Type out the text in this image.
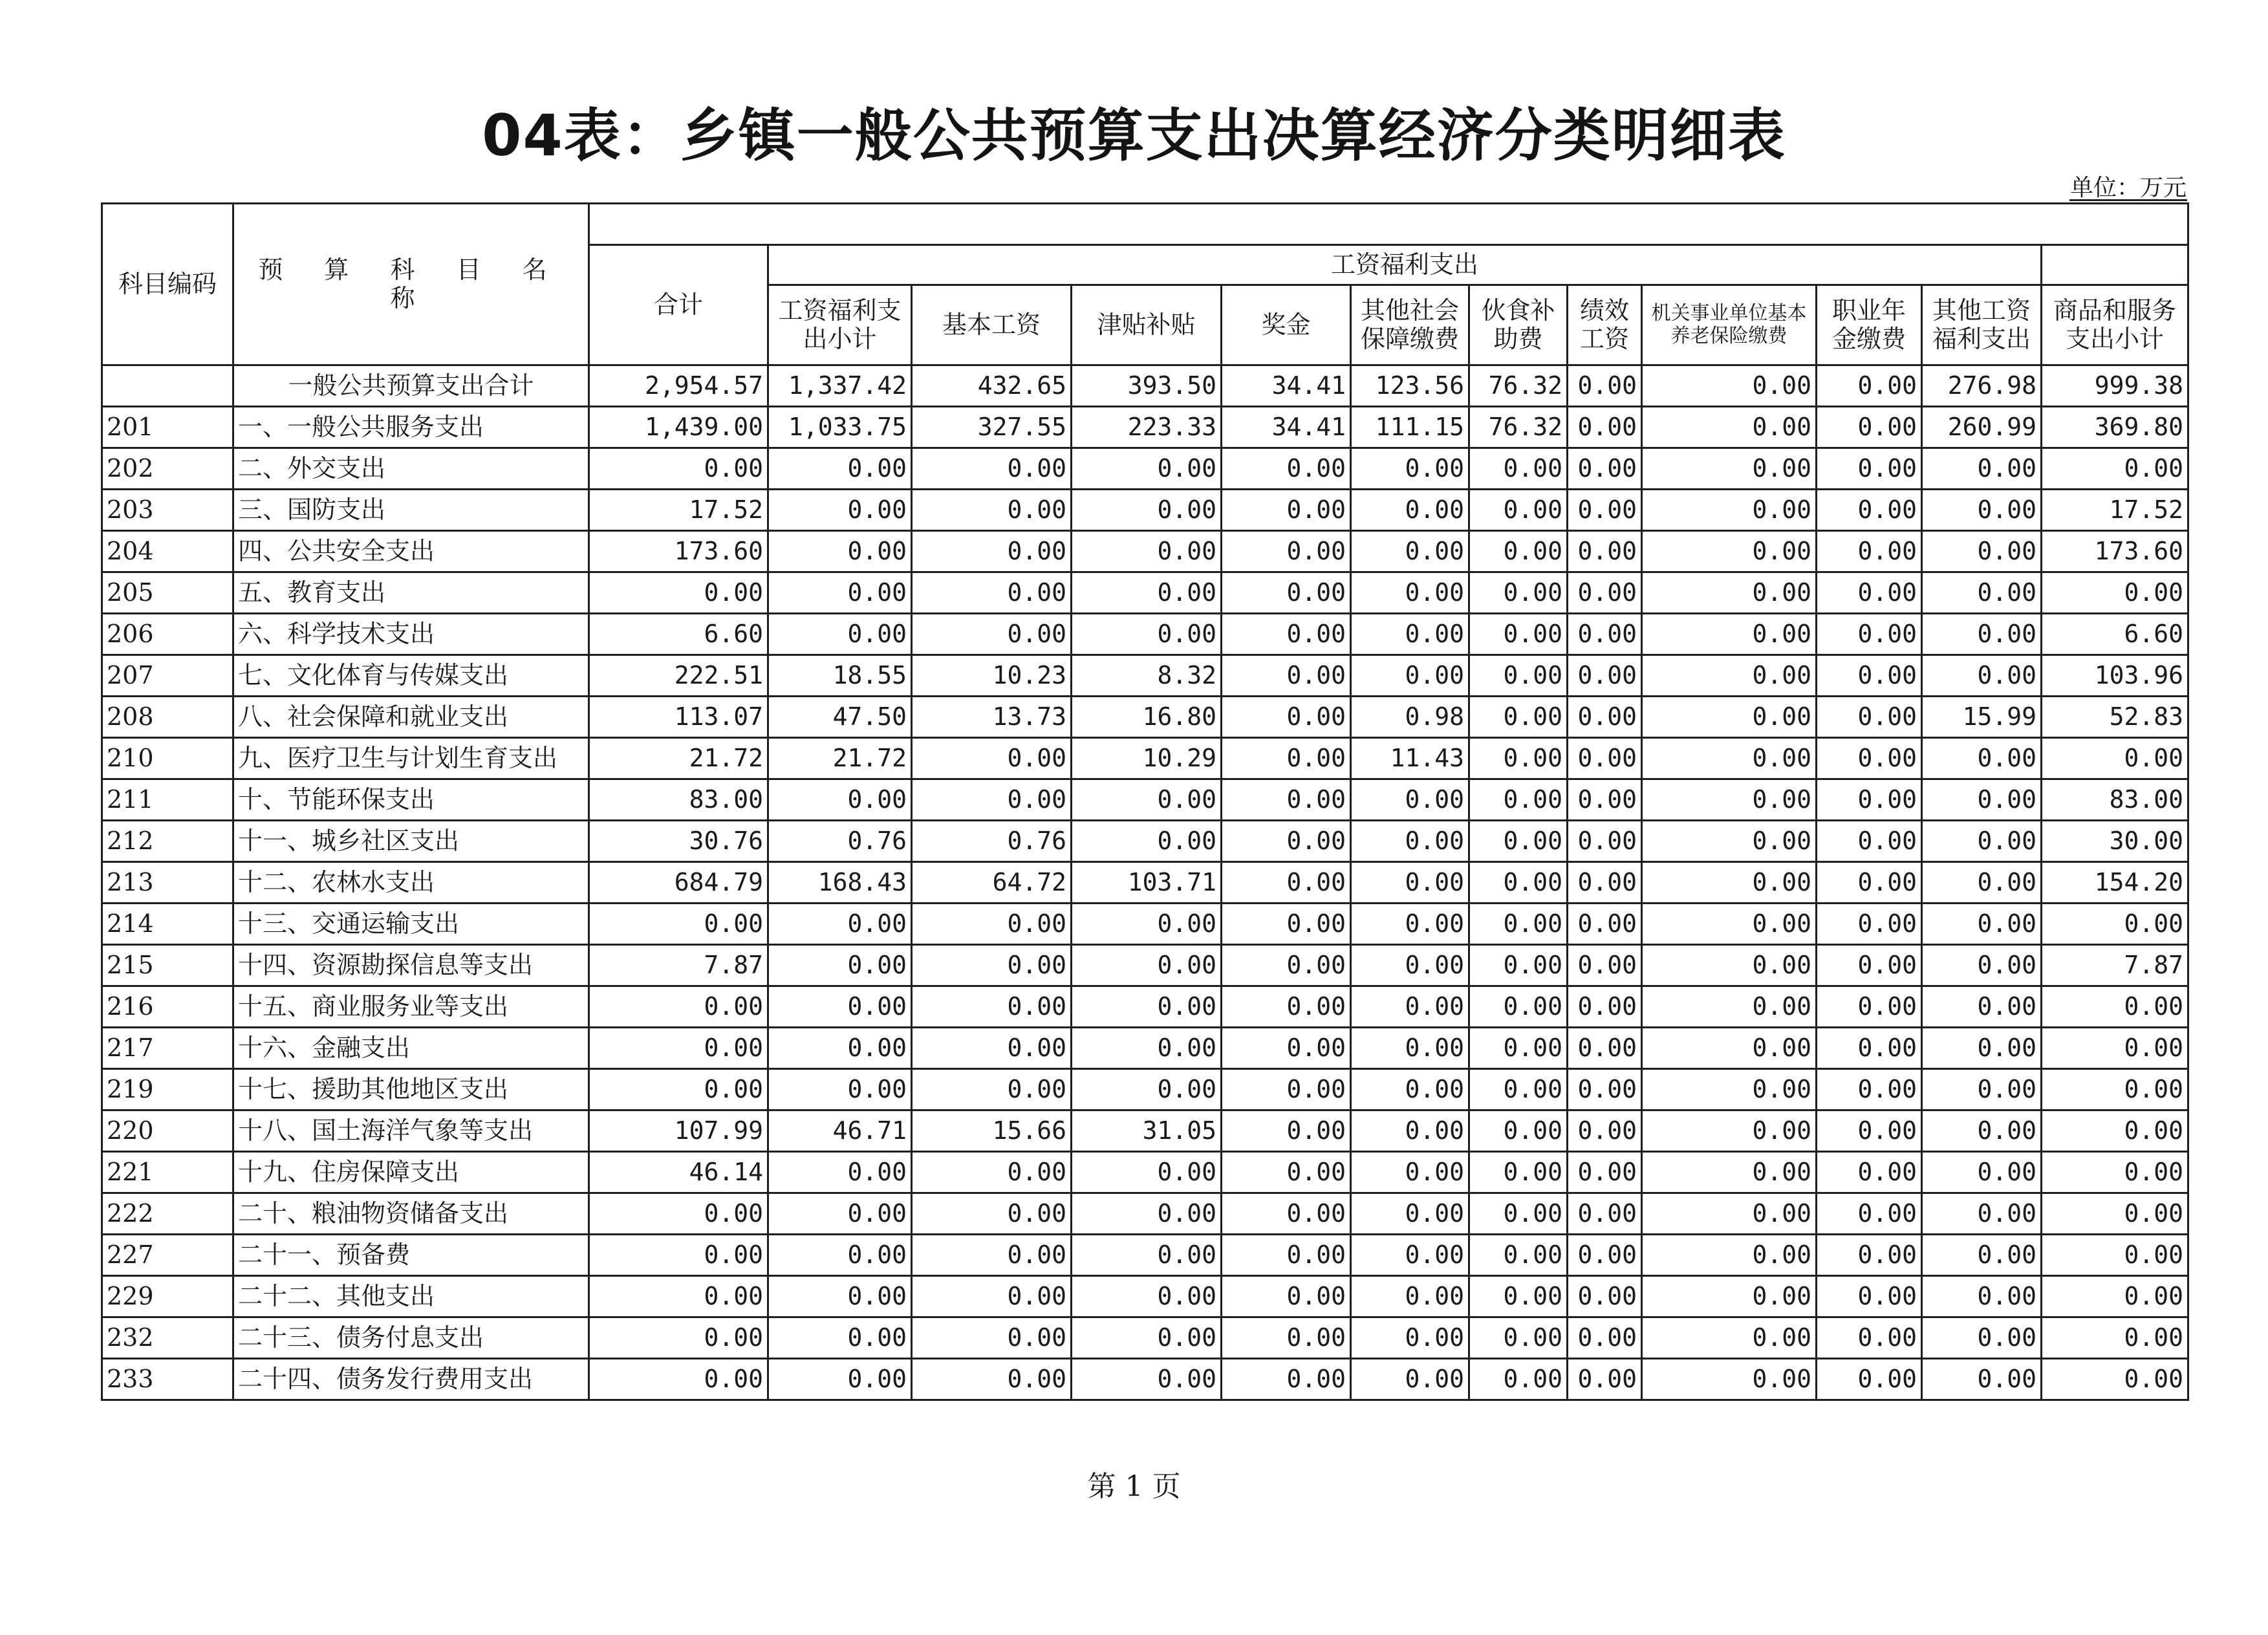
04表：乡镇一般公共预算支出决算经济分类明细表
单位：万元
科目编码	预 算 科 目 名 称												
		合计	工资福利支出										
			工资福利支出小计	基本工资	津贴补贴	奖金	其他社会保障缴费	伙食补助费	绩效工资	机关事业单位基本养老保险缴费	职业年金缴费	其他工资福利支出	商品和服务支出小计
	一般公共预算支出合计	2,954.57	1,337.42	432.65	393.50	34.41	123.56	76.32	0.00	0.00	0.00	276.98	999.38
201	一、一般公共服务支出	1,439.00	1,033.75	327.55	223.33	34.41	111.15	76.32	0.00	0.00	0.00	260.99	369.80
202	二、外交支出	0.00	0.00	0.00	0.00	0.00	0.00	0.00	0.00	0.00	0.00	0.00	0.00
203	三、国防支出	17.52	0.00	0.00	0.00	0.00	0.00	0.00	0.00	0.00	0.00	0.00	17.52
204	四、公共安全支出	173.60	0.00	0.00	0.00	0.00	0.00	0.00	0.00	0.00	0.00	0.00	173.60
205	五、教育支出	0.00	0.00	0.00	0.00	0.00	0.00	0.00	0.00	0.00	0.00	0.00	0.00
206	六、科学技术支出	6.60	0.00	0.00	0.00	0.00	0.00	0.00	0.00	0.00	0.00	0.00	6.60
207	七、文化体育与传媒支出	222.51	18.55	10.23	8.32	0.00	0.00	0.00	0.00	0.00	0.00	0.00	103.96
208	八、社会保障和就业支出	113.07	47.50	13.73	16.80	0.00	0.98	0.00	0.00	0.00	0.00	15.99	52.83
210	九、医疗卫生与计划生育支出	21.72	21.72	0.00	10.29	0.00	11.43	0.00	0.00	0.00	0.00	0.00	0.00
211	十、节能环保支出	83.00	0.00	0.00	0.00	0.00	0.00	0.00	0.00	0.00	0.00	0.00	83.00
212	十一、城乡社区支出	30.76	0.76	0.76	0.00	0.00	0.00	0.00	0.00	0.00	0.00	0.00	30.00
213	十二、农林水支出	684.79	168.43	64.72	103.71	0.00	0.00	0.00	0.00	0.00	0.00	0.00	154.20
214	十三、交通运输支出	0.00	0.00	0.00	0.00	0.00	0.00	0.00	0.00	0.00	0.00	0.00	0.00
215	十四、资源勘探信息等支出	7.87	0.00	0.00	0.00	0.00	0.00	0.00	0.00	0.00	0.00	0.00	7.87
216	十五、商业服务业等支出	0.00	0.00	0.00	0.00	0.00	0.00	0.00	0.00	0.00	0.00	0.00	0.00
217	十六、金融支出	0.00	0.00	0.00	0.00	0.00	0.00	0.00	0.00	0.00	0.00	0.00	0.00
219	十七、援助其他地区支出	0.00	0.00	0.00	0.00	0.00	0.00	0.00	0.00	0.00	0.00	0.00	0.00
220	十八、国土海洋气象等支出	107.99	46.71	15.66	31.05	0.00	0.00	0.00	0.00	0.00	0.00	0.00	0.00
221	十九、住房保障支出	46.14	0.00	0.00	0.00	0.00	0.00	0.00	0.00	0.00	0.00	0.00	0.00
222	二十、粮油物资储备支出	0.00	0.00	0.00	0.00	0.00	0.00	0.00	0.00	0.00	0.00	0.00	0.00
227	二十一、预备费	0.00	0.00	0.00	0.00	0.00	0.00	0.00	0.00	0.00	0.00	0.00	0.00
229	二十二、其他支出	0.00	0.00	0.00	0.00	0.00	0.00	0.00	0.00	0.00	0.00	0.00	0.00
232	二十三、债务付息支出	0.00	0.00	0.00	0.00	0.00	0.00	0.00	0.00	0.00	0.00	0.00	0.00
233	二十四、债务发行费用支出	0.00	0.00	0.00	0.00	0.00	0.00	0.00	0.00	0.00	0.00	0.00	0.00
第 1 页
